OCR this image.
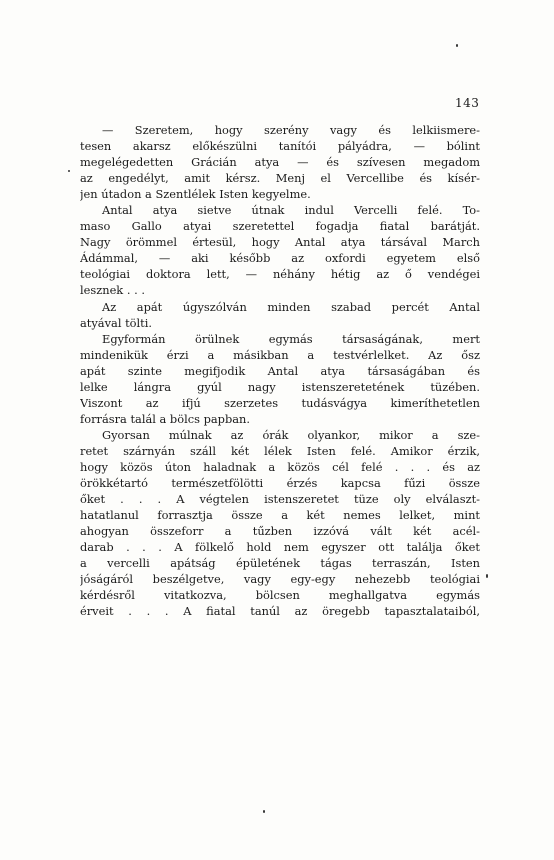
143
— Szeretem, hogy szerény vagy és lelkiismere-
tesen akarsz előkészülni tanítói pályádra, — bólint
megelégedetten Grácián atya — és szívesen megadom
az engedélyt, amit kérsz. Menj el Vercellibe és kísér-
jen útadon a Szentlélek Isten kegyelme.
Antal atya sietve útnak indul Vercelli felé. To-
maso Gallo atyai szeretettel fogadja fiatal barátját.
Nagy örömmel értesül, hogy Antal atya társával March
Ádámmal, — aki később az oxfordi egyetem első
teológiai doktora lett, — néhány hétig az ő vendégei
lesznek . . .
Az apát úgyszólván minden szabad percét Antal
atyával tölti.
Egyformán örülnek egymás társaságának, mert
mindenikük érzi a másikban a testvérlelket. Az ősz
apát szinte megifjodik Antal atya társaságában és
lelke lángra gyúl nagy istenszeretetének tüzében.
Viszont az ifjú szerzetes tudásvágya kimeríthetetlen
forrásra talál a bölcs papban.
Gyorsan múlnak az órák olyankor, mikor a sze-
retet szárnyán száll két lélek Isten felé. Amikor érzik,
hogy közös úton haladnak a közös cél felé . . . és az
örökkétartó természetfölötti érzés kapcsa fűzi össze
őket . . . A végtelen istenszeretet tüze oly elválaszt-
hatatlanul forrasztja össze a két nemes lelket, mint
ahogyan összeforr a tűzben izzóvá vált két acél-
darab . . . A fölkelő hold nem egyszer ott találja őket
a vercelli apátság épületének tágas terraszán, Isten
jóságáról beszélgetve, vagy egy-egy nehezebb teológiai
kérdésről vitatkozva, bölcsen meghallgatva egymás
érveit . . . A fiatal tanúl az öregebb tapasztalataiból,
